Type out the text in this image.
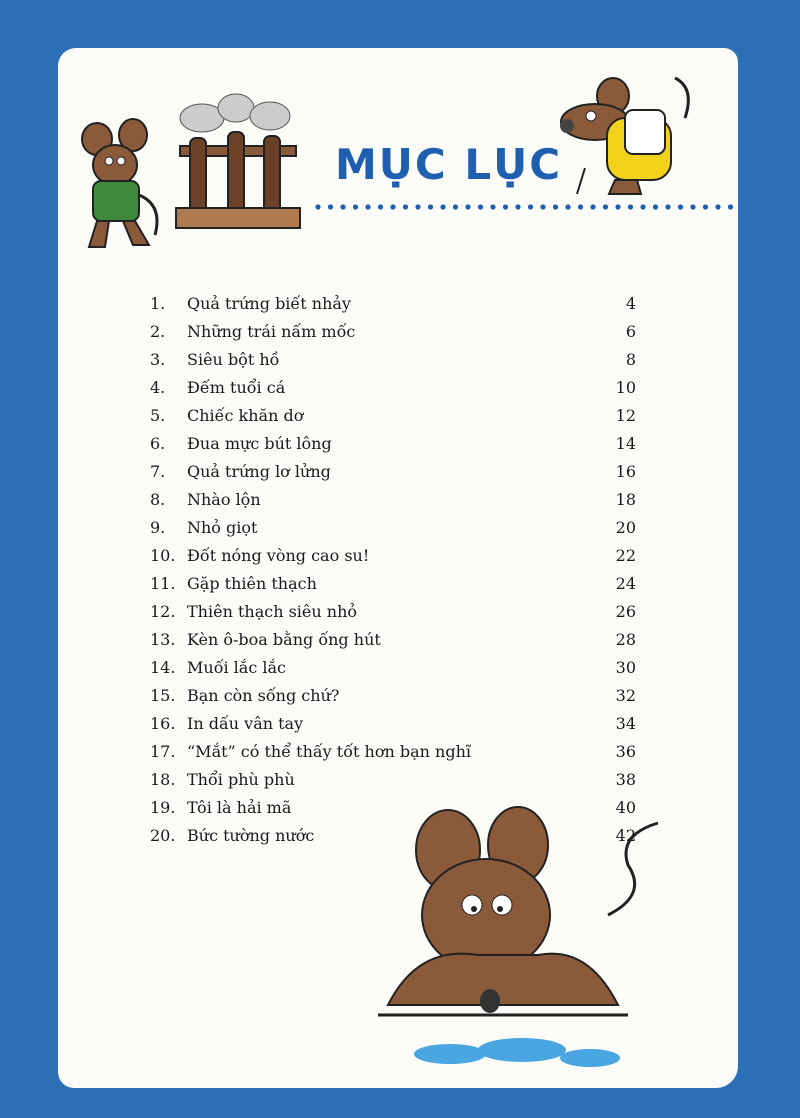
MỤC LỤC
1.	Quả trứng biết nhảy	4
2.	Những trái nấm mốc	6
3.	Siêu bột hồ	8
4.	Đếm tuổi cá	10
5.	Chiếc khăn dơ	12
6.	Đua mực bút lông	14
7.	Quả trứng lơ lửng	16
8.	Nhào lộn	18
9.	Nhỏ giọt	20
10. Đốt nóng vòng cao su!	22
11. Gặp thiên thạch	24
12. Thiên thạch siêu nhỏ	26
13. Kèn ô-boa bằng ống hút	28
14. Muối lắc lắc	30
15. Bạn còn sống chứ?	32
16. In dấu vân tay	34
17. “Mắt” có thể thấy tốt hơn bạn nghĩ	36
18. Thổi phù phù	38
19. Tôi là hải mã	40
20. Bức tường nước	42
